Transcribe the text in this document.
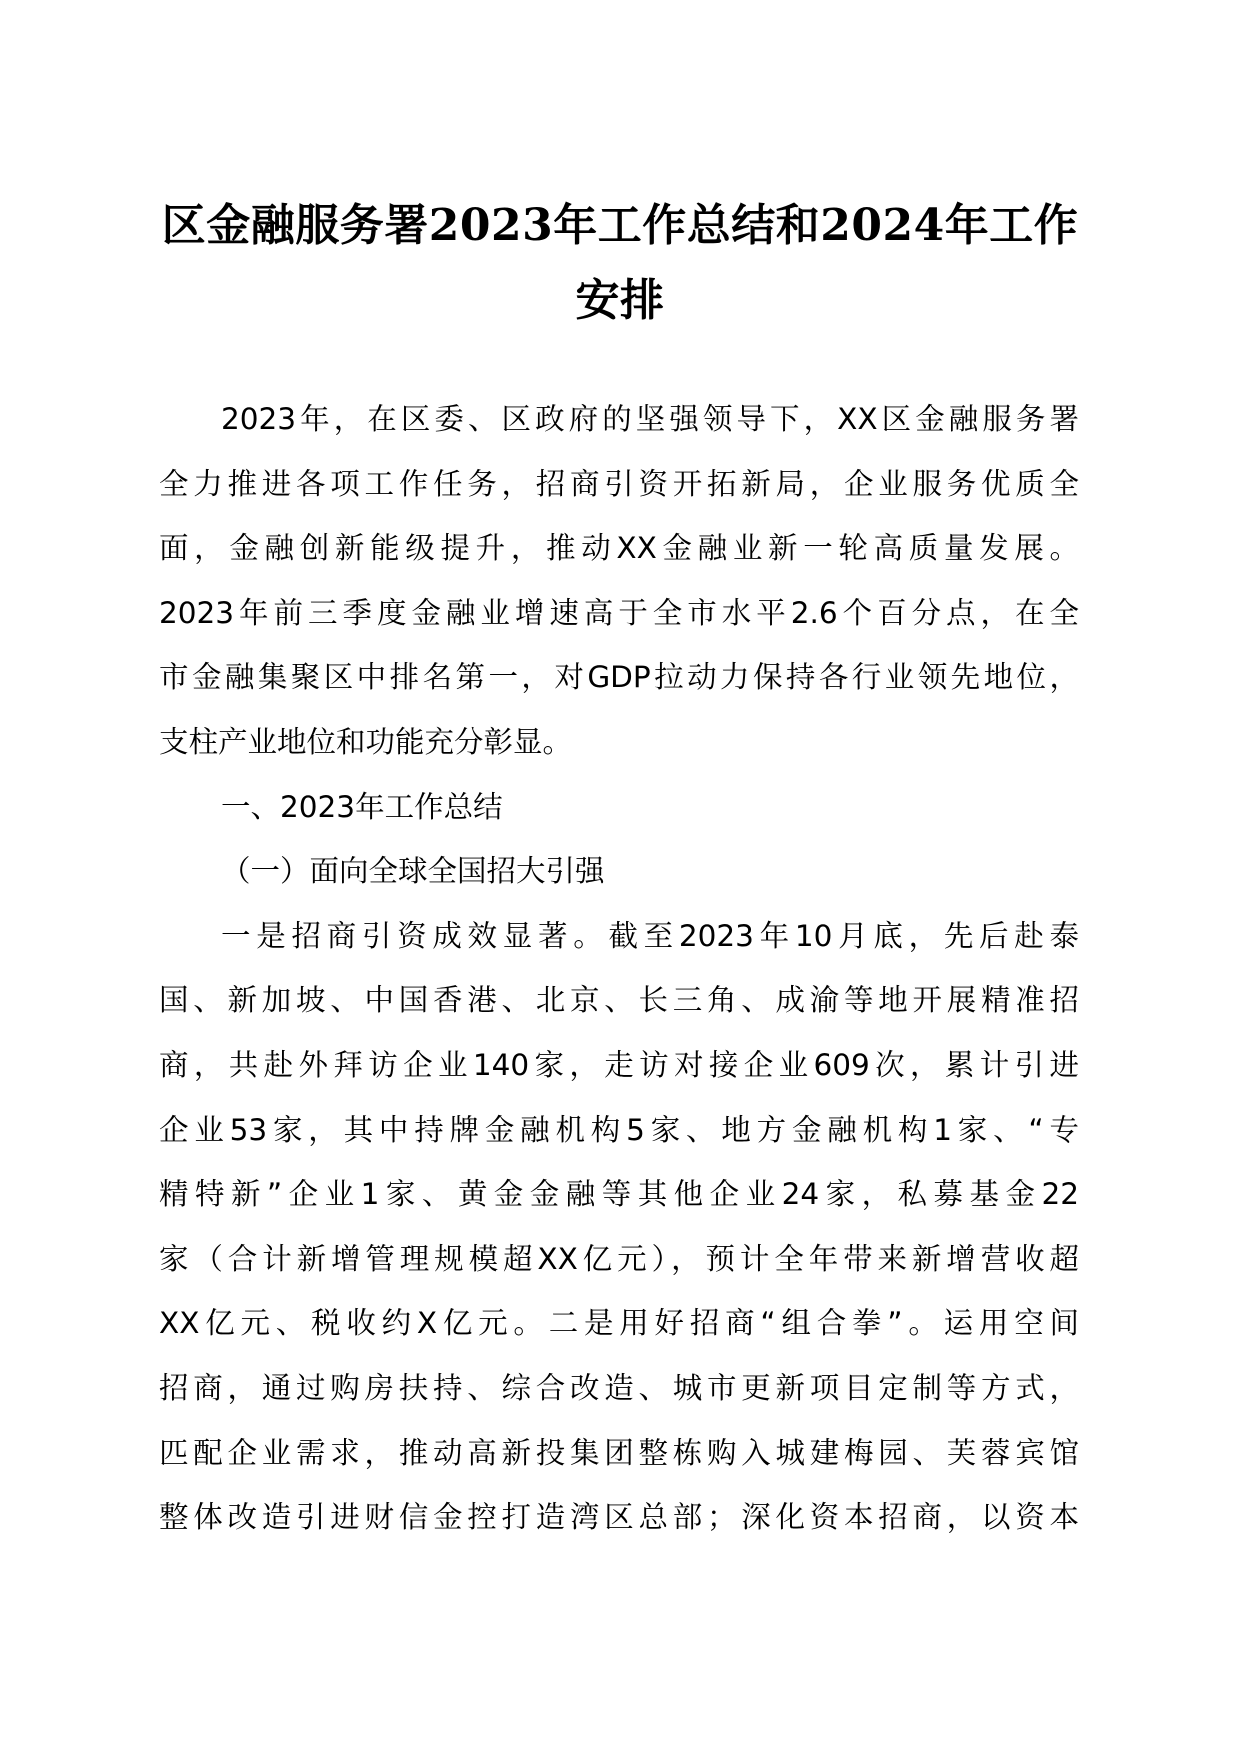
区金融服务署2023年工作总结和2024年工作
安排
2023年，在区委、区政府的坚强领导下，XX区金融服务署
全力推进各项工作任务，招商引资开拓新局，企业服务优质全
面，金融创新能级提升，推动XX金融业新一轮高质量发展。
2023年前三季度金融业增速高于全市水平2.6个百分点，在全
市金融集聚区中排名第一，对GDP拉动力保持各行业领先地位，
支柱产业地位和功能充分彰显。
一、2023年工作总结
（一）面向全球全国招大引强
一是招商引资成效显著。截至2023年10月底，先后赴泰
国、新加坡、中国香港、北京、长三角、成渝等地开展精准招
商，共赴外拜访企业140家，走访对接企业609次，累计引进
企业53家，其中持牌金融机构5家、地方金融机构1家、“专
精特新”企业1家、黄金金融等其他企业24家，私募基金22
家（合计新增管理规模超XX亿元），预计全年带来新增营收超
XX亿元、税收约X亿元。二是用好招商“组合拳”。运用空间
招商，通过购房扶持、综合改造、城市更新项目定制等方式，
匹配企业需求，推动高新投集团整栋购入城建梅园、芙蓉宾馆
整体改造引进财信金控打造湾区总部；深化资本招商，以资本
